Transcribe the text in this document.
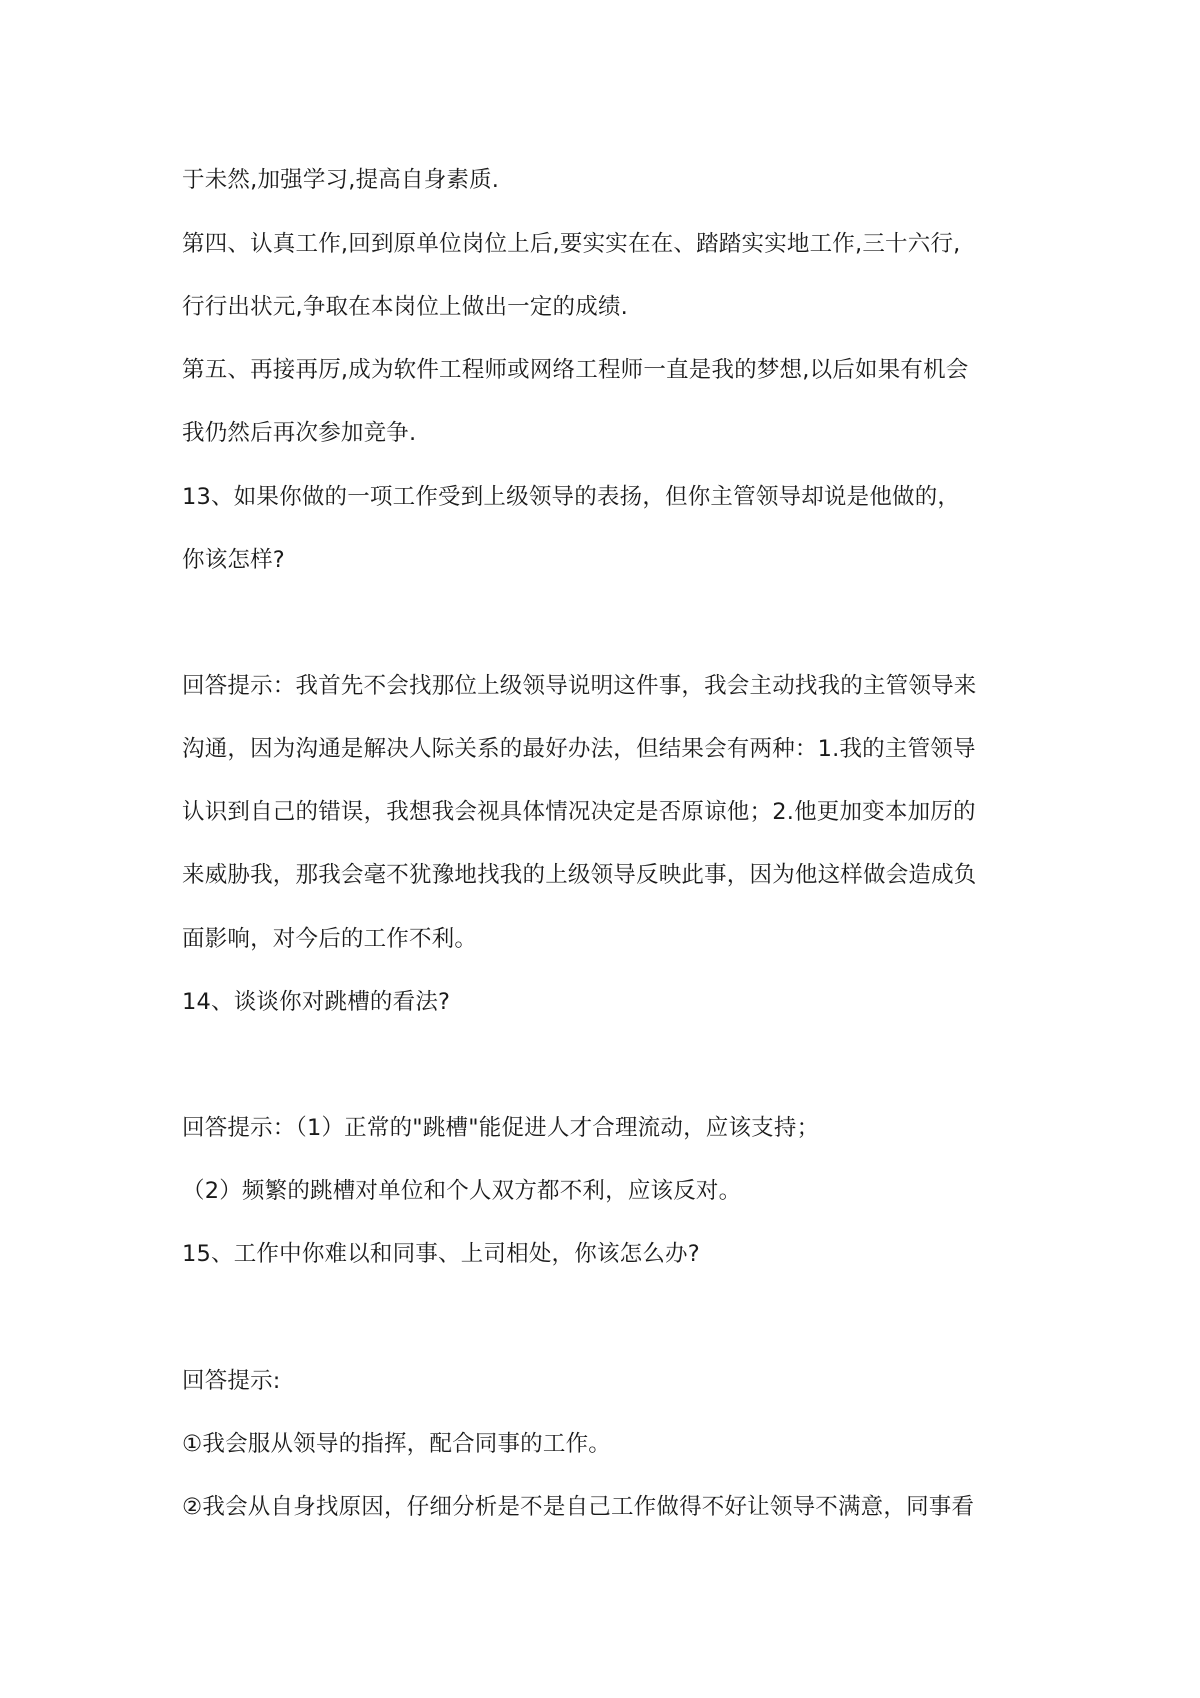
于未然,加强学习,提高自身素质.
第四、认真工作,回到原单位岗位上后,要实实在在、踏踏实实地工作,三十六行,
行行出状元,争取在本岗位上做出一定的成绩.
第五、再接再厉,成为软件工程师或网络工程师一直是我的梦想,以后如果有机会
我仍然后再次参加竞争.
13、如果你做的一项工作受到上级领导的表扬，但你主管领导却说是他做的，
你该怎样?
回答提示：我首先不会找那位上级领导说明这件事，我会主动找我的主管领导来
沟通，因为沟通是解决人际关系的最好办法，但结果会有两种：1.我的主管领导
认识到自己的错误，我想我会视具体情况决定是否原谅他；2.他更加变本加厉的
来威胁我，那我会毫不犹豫地找我的上级领导反映此事，因为他这样做会造成负
面影响，对今后的工作不利。
14、谈谈你对跳槽的看法?
回答提示：（1）正常的"跳槽"能促进人才合理流动，应该支持；
（2）频繁的跳槽对单位和个人双方都不利，应该反对。
15、工作中你难以和同事、上司相处，你该怎么办?
回答提示:
①我会服从领导的指挥，配合同事的工作。
②我会从自身找原因，仔细分析是不是自己工作做得不好让领导不满意，同事看
